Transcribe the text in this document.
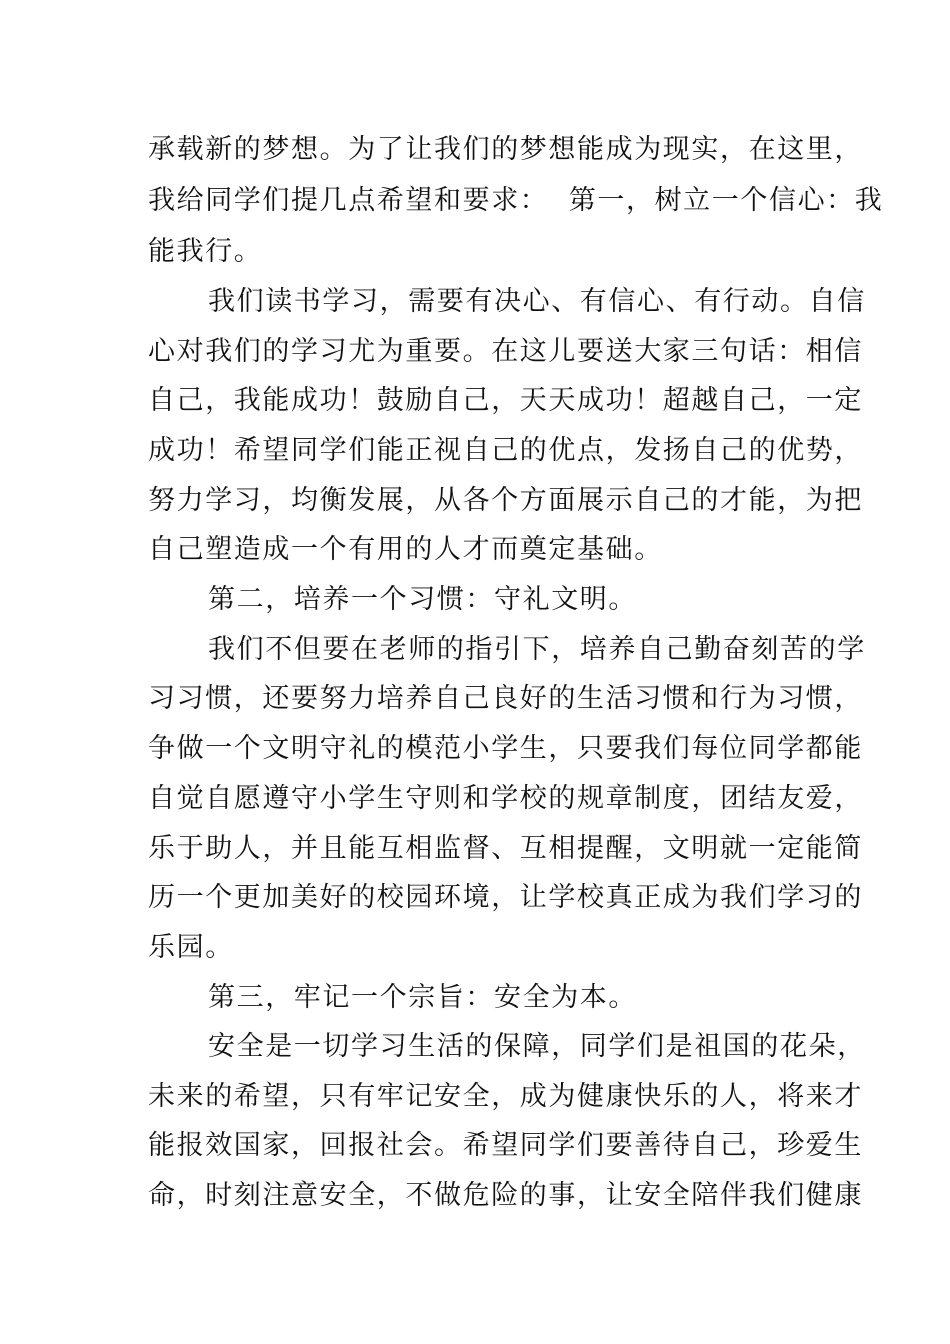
承载新的梦想。为了让我们的梦想能成为现实，在这里，
我给同学们提几点希望和要求：  第一，树立一个信心：我
能我行。
我们读书学习，需要有决心、有信心、有行动。自信
心对我们的学习尤为重要。在这儿要送大家三句话：相信
自己，我能成功！鼓励自己，天天成功！超越自己，一定
成功！希望同学们能正视自己的优点，发扬自己的优势，
努力学习，均衡发展，从各个方面展示自己的才能，为把
自己塑造成一个有用的人才而奠定基础。
第二，培养一个习惯：守礼文明。
我们不但要在老师的指引下，培养自己勤奋刻苦的学
习习惯，还要努力培养自己良好的生活习惯和行为习惯，
争做一个文明守礼的模范小学生，只要我们每位同学都能
自觉自愿遵守小学生守则和学校的规章制度，团结友爱，
乐于助人，并且能互相监督、互相提醒，文明就一定能简
历一个更加美好的校园环境，让学校真正成为我们学习的
乐园。
第三，牢记一个宗旨：安全为本。
安全是一切学习生活的保障，同学们是祖国的花朵，
未来的希望，只有牢记安全，成为健康快乐的人，将来才
能报效国家，回报社会。希望同学们要善待自己，珍爱生
命，时刻注意安全，不做危险的事，让安全陪伴我们健康
